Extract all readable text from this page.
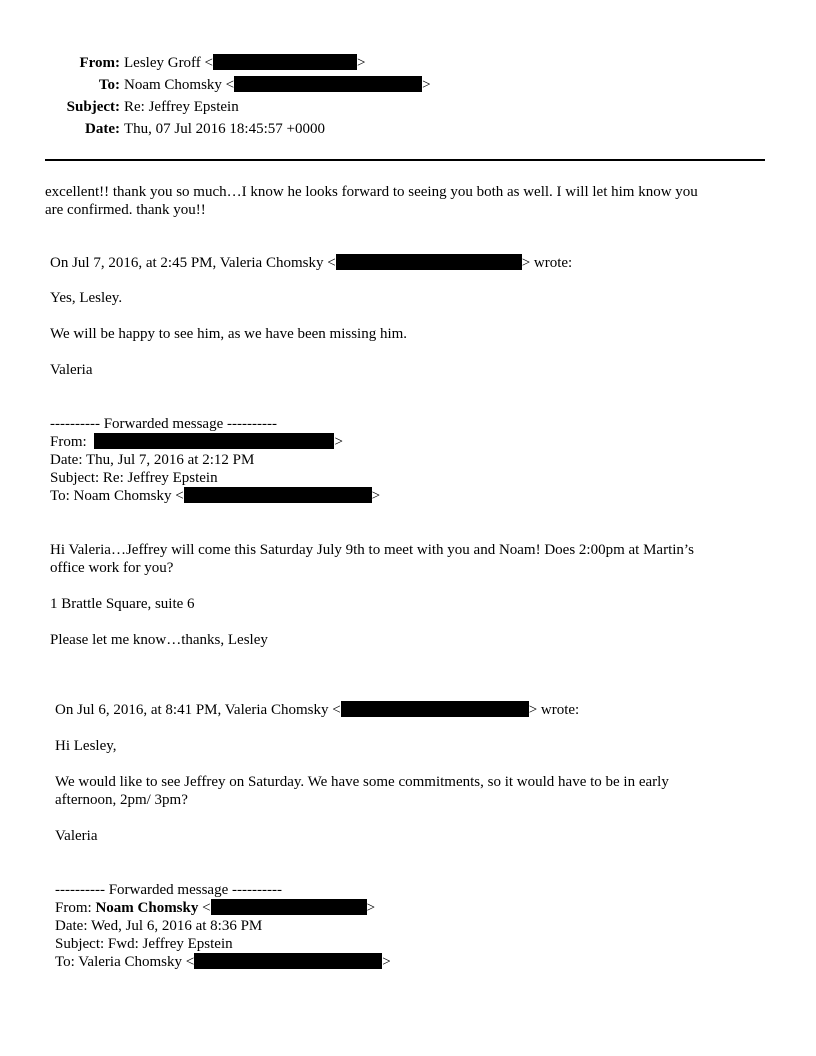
From: Lesley Groff <	>
To: Noam Chomsky <	>
Subject: Re: Jeffrey Epstein
Date: Thu, 07 Jul 2016 18:45:57 +0000
excellent!! thank you so much…I know he looks forward to seeing you both as well. I will let him know you
are confirmed. thank you!!
On Jul 7, 2016, at 2:45 PM, Valeria Chomsky <	> wrote:
Yes, Lesley.
We will be happy to see him, as we have been missing him.
Valeria
---------- Forwarded message ----------
From:	>
Date: Thu, Jul 7, 2016 at 2:12 PM
Subject: Re: Jeffrey Epstein
To: Noam Chomsky <	>
Hi Valeria…Jeffrey will come this Saturday July 9th to meet with you and Noam! Does 2:00pm at Martin’s
office work for you?
1 Brattle Square, suite 6
Please let me know…thanks, Lesley
On Jul 6, 2016, at 8:41 PM, Valeria Chomsky <	> wrote:
Hi Lesley,
We would like to see Jeffrey on Saturday. We have some commitments, so it would have to be in early
afternoon, 2pm/ 3pm?
Valeria
---------- Forwarded message ----------
From: Noam Chomsky <	>
Date: Wed, Jul 6, 2016 at 8:36 PM
Subject: Fwd: Jeffrey Epstein
To: Valeria Chomsky <	>
